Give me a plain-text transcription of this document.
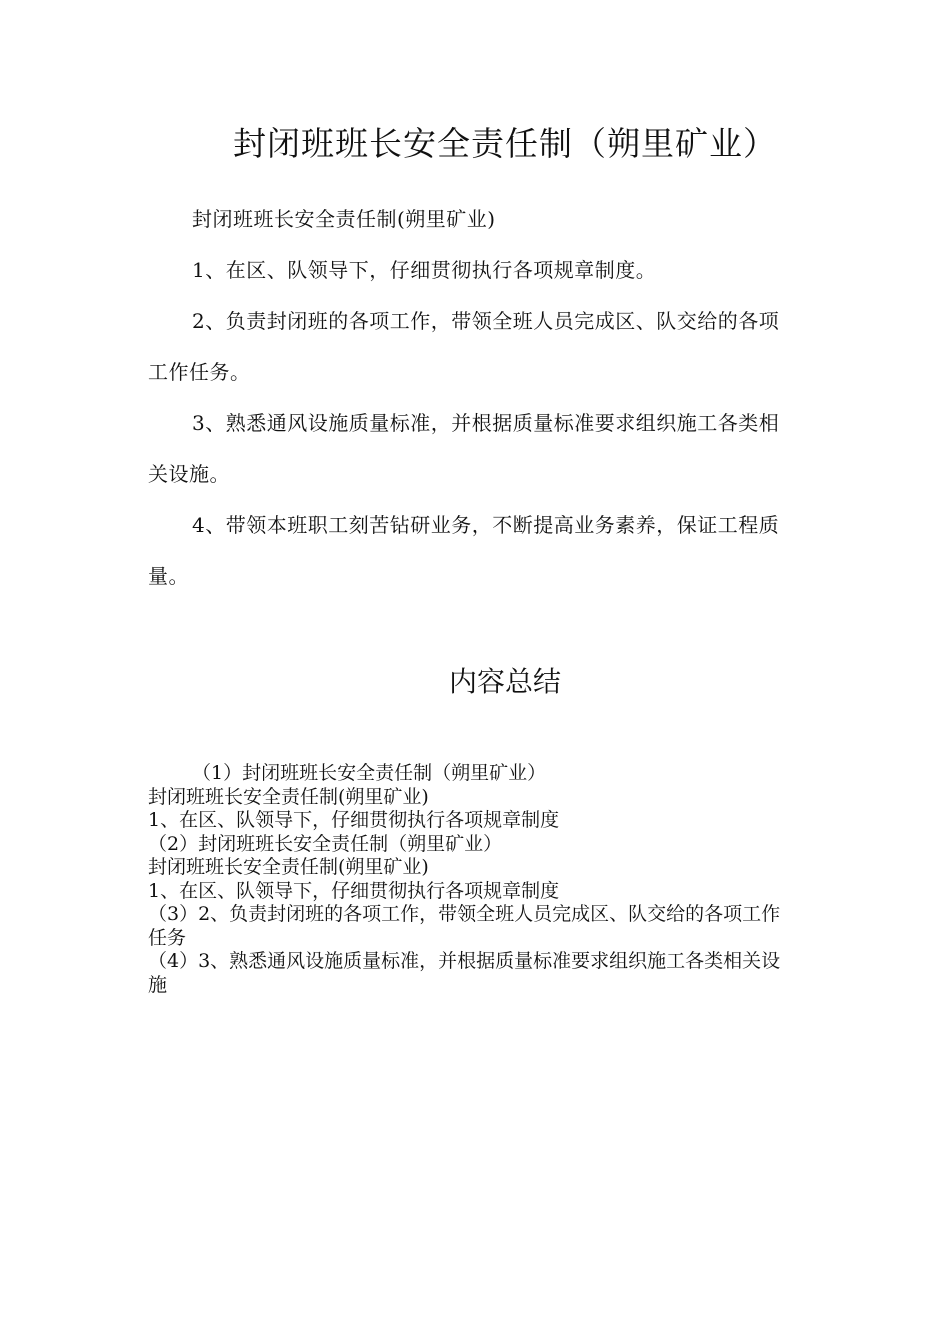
封闭班班长安全责任制（朔里矿业）

封闭班班长安全责任制(朔里矿业)

1、在区、队领导下，仔细贯彻执行各项规章制度。

2、负责封闭班的各项工作，带领全班人员完成区、队交给的各项工作任务。

3、熟悉通风设施质量标准，并根据质量标准要求组织施工各类相关设施。

4、带领本班职工刻苦钻研业务，不断提高业务素养，保证工程质量。

内容总结
（1）封闭班班长安全责任制（朔里矿业）
封闭班班长安全责任制(朔里矿业)
1、在区、队领导下，仔细贯彻执行各项规章制度
（2）封闭班班长安全责任制（朔里矿业）
封闭班班长安全责任制(朔里矿业)
1、在区、队领导下，仔细贯彻执行各项规章制度
（3）2、负责封闭班的各项工作，带领全班人员完成区、队交给的各项工作任务
（4）3、熟悉通风设施质量标准，并根据质量标准要求组织施工各类相关设施
